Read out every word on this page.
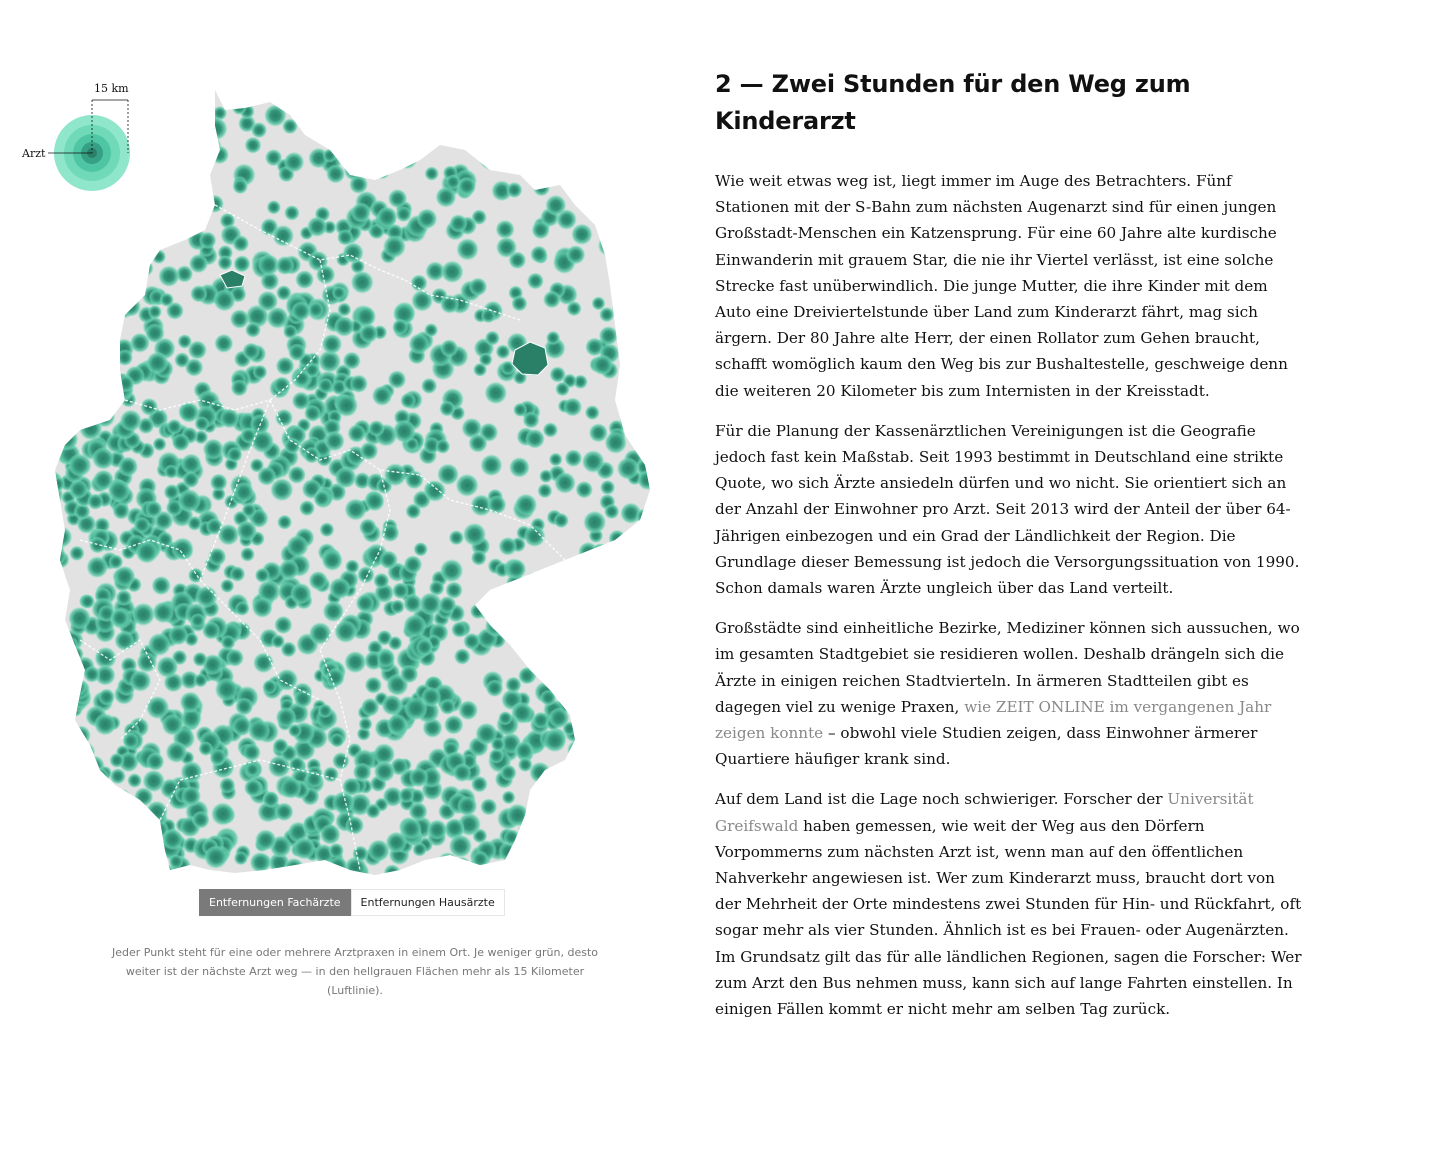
15 km
Arzt
Entfernungen Fachärzte	Entfernungen Hausärzte
Jeder Punkt steht für eine oder mehrere Arztpraxen in einem Ort. Je weniger grün, desto weiter ist der nächste Arzt weg — in den hellgrauen Flächen mehr als 15 Kilometer (Luftlinie).
2 — Zwei Stunden für den Weg zum Kinderarzt

Wie weit etwas weg ist, liegt immer im Auge des Betrachters. Fünf Stationen mit der S-Bahn zum nächsten Augenarzt sind für einen jungen Großstadt-Menschen ein Katzensprung. Für eine 60 Jahre alte kurdische Einwanderin mit grauem Star, die nie ihr Viertel verlässt, ist eine solche Strecke fast unüberwindlich. Die junge Mutter, die ihre Kinder mit dem Auto eine Dreiviertelstunde über Land zum Kinderarzt fährt, mag sich ärgern. Der 80 Jahre alte Herr, der einen Rollator zum Gehen braucht, schafft womöglich kaum den Weg bis zur Bushaltestelle, geschweige denn die weiteren 20 Kilometer bis zum Internisten in der Kreisstadt.

Für die Planung der Kassenärztlichen Vereinigungen ist die Geografie jedoch fast kein Maßstab. Seit 1993 bestimmt in Deutschland eine strikte Quote, wo sich Ärzte ansiedeln dürfen und wo nicht. Sie orientiert sich an der Anzahl der Einwohner pro Arzt. Seit 2013 wird der Anteil der über 64-Jährigen einbezogen und ein Grad der Ländlichkeit der Region. Die Grundlage dieser Bemessung ist jedoch die Versorgungssituation von 1990. Schon damals waren Ärzte ungleich über das Land verteilt.

Großstädte sind einheitliche Bezirke, Mediziner können sich aussuchen, wo im gesamten Stadtgebiet sie residieren wollen. Deshalb drängeln sich die Ärzte in einigen reichen Stadtvierteln. In ärmeren Stadtteilen gibt es dagegen viel zu wenige Praxen, wie ZEIT ONLINE im vergangenen Jahr zeigen konnte – obwohl viele Studien zeigen, dass Einwohner ärmerer Quartiere häufiger krank sind.

Auf dem Land ist die Lage noch schwieriger. Forscher der Universität Greifswald haben gemessen, wie weit der Weg aus den Dörfern Vorpommerns zum nächsten Arzt ist, wenn man auf den öffentlichen Nahverkehr angewiesen ist. Wer zum Kinderarzt muss, braucht dort von der Mehrheit der Orte mindestens zwei Stunden für Hin- und Rückfahrt, oft sogar mehr als vier Stunden. Ähnlich ist es bei Frauen- oder Augenärzten. Im Grundsatz gilt das für alle ländlichen Regionen, sagen die Forscher: Wer zum Arzt den Bus nehmen muss, kann sich auf lange Fahrten einstellen. In einigen Fällen kommt er nicht mehr am selben Tag zurück.
